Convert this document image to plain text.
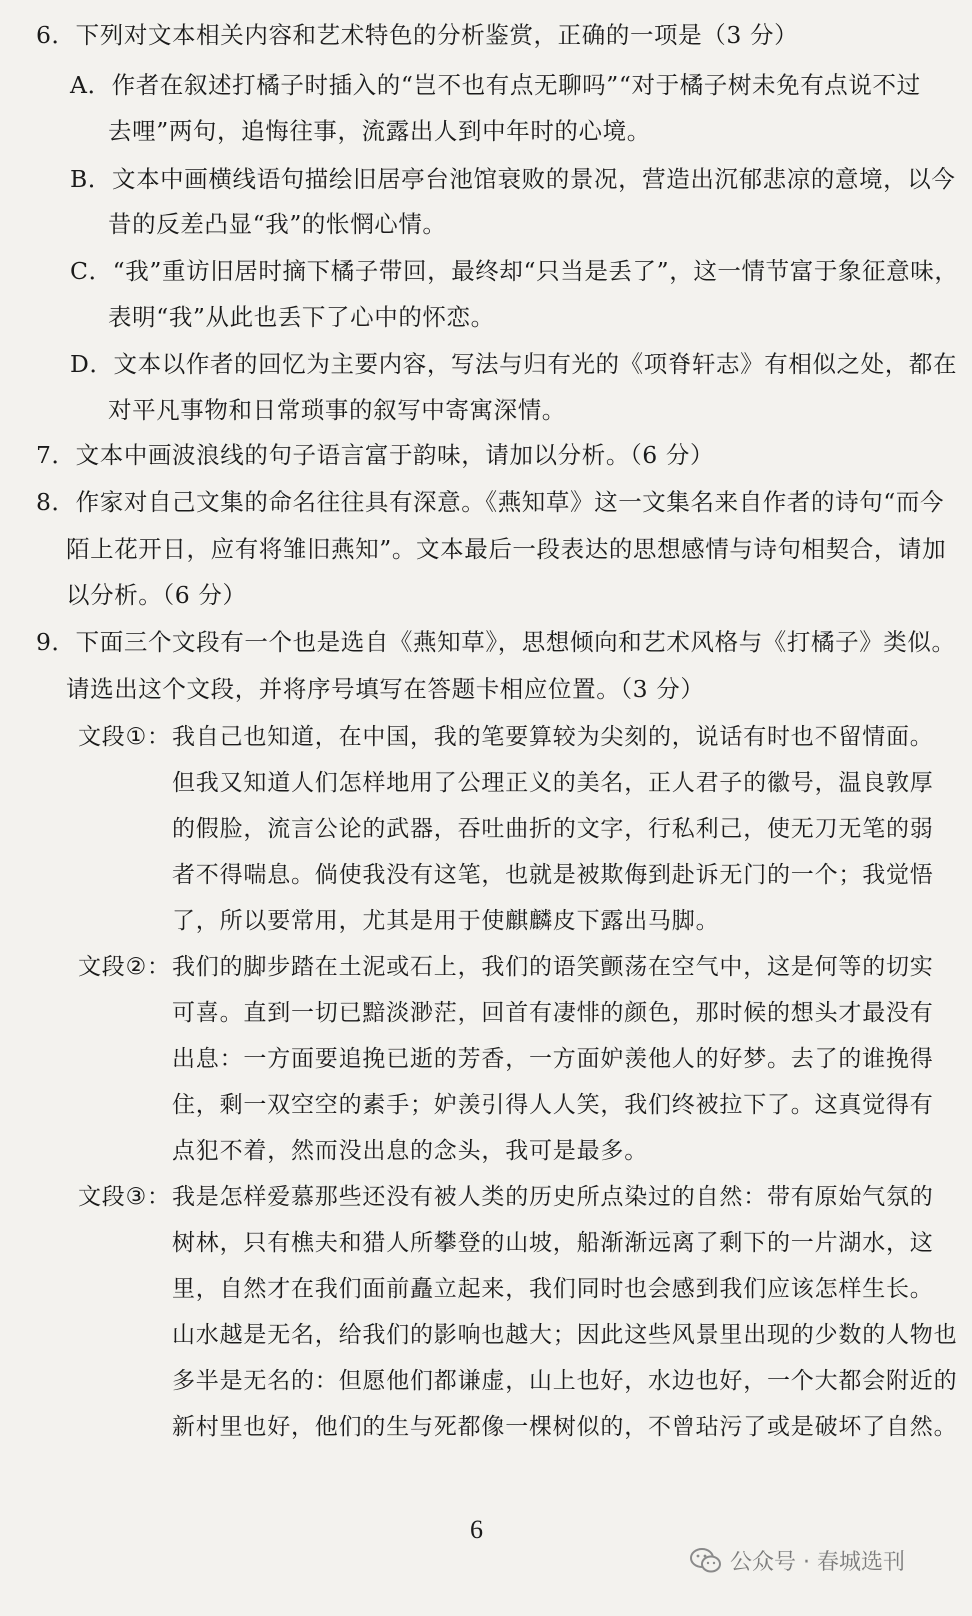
6．下列对文本相关内容和艺术特色的分析鉴赏，正确的一项是（3 分）
A．作者在叙述打橘子时插入的“岂不也有点无聊吗”“对于橘子树未免有点说不过
去哩”两句，追悔往事，流露出人到中年时的心境。
B．文本中画横线语句描绘旧居亭台池馆衰败的景况，营造出沉郁悲凉的意境，以今
昔的反差凸显“我”的怅惘心情。
C．“我”重访旧居时摘下橘子带回，最终却“只当是丢了”，这一情节富于象征意味，
表明“我”从此也丢下了心中的怀恋。
D．文本以作者的回忆为主要内容，写法与归有光的《项脊轩志》有相似之处，都在
对平凡事物和日常琐事的叙写中寄寓深情。
7．文本中画波浪线的句子语言富于韵味，请加以分析。（6 分）
8．作家对自己文集的命名往往具有深意。《燕知草》这一文集名来自作者的诗句“而今
陌上花开日，应有将雏旧燕知”。文本最后一段表达的思想感情与诗句相契合，请加
以分析。（6 分）
9．下面三个文段有一个也是选自《燕知草》，思想倾向和艺术风格与《打橘子》类似。
请选出这个文段，并将序号填写在答题卡相应位置。（3 分）
文段①： 我自己也知道，在中国，我的笔要算较为尖刻的，说话有时也不留情面。
但我又知道人们怎样地用了公理正义的美名，正人君子的徽号，温良敦厚
的假脸，流言公论的武器，吞吐曲折的文字，行私利己，使无刀无笔的弱
者不得喘息。倘使我没有这笔，也就是被欺侮到赴诉无门的一个；我觉悟
了，所以要常用，尤其是用于使麒麟皮下露出马脚。
文段②： 我们的脚步踏在土泥或石上，我们的语笑颤荡在空气中，这是何等的切实
可喜。直到一切已黯淡渺茫，回首有凄悱的颜色，那时候的想头才最没有
出息：一方面要追挽已逝的芳香，一方面妒羡他人的好梦。去了的谁挽得
住，剩一双空空的素手；妒羡引得人人笑，我们终被拉下了。这真觉得有
点犯不着，然而没出息的念头，我可是最多。
文段③： 我是怎样爱慕那些还没有被人类的历史所点染过的自然：带有原始气氛的
树林，只有樵夫和猎人所攀登的山坡，船渐渐远离了剩下的一片湖水，这
里，自然才在我们面前矗立起来，我们同时也会感到我们应该怎样生长。
山水越是无名，给我们的影响也越大；因此这些风景里出现的少数的人物也
多半是无名的：但愿他们都谦虚，山上也好，水边也好，一个大都会附近的
新村里也好，他们的生与死都像一棵树似的，不曾玷污了或是破坏了自然。
6
公众号 · 春城选刊
